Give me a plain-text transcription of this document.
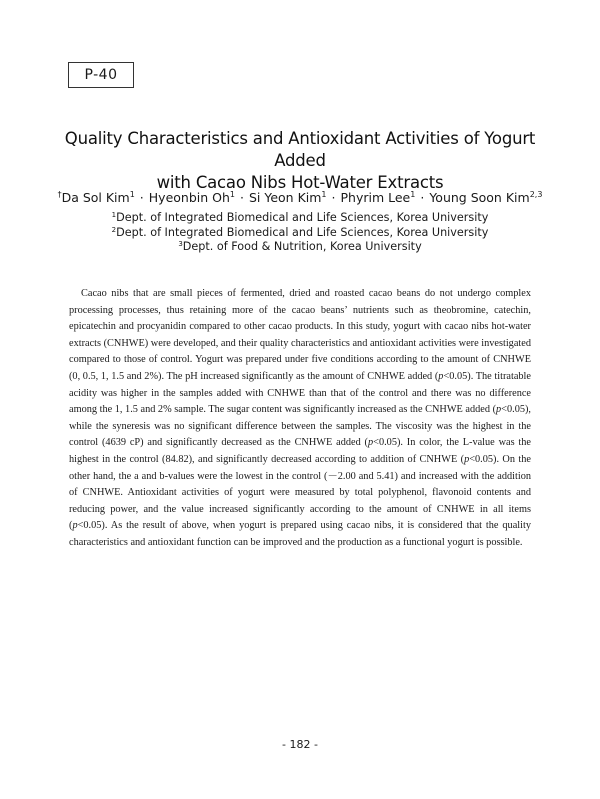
P-40
Quality Characteristics and Antioxidant Activities of Yogurt Added
with Cacao Nibs Hot-Water Extracts
†Da Sol Kim$^1$ · Hyeonbin $Oh^1 \cdot Si$ Yeon Kim$^1$ · Phyrim Lee$^1$ · Young Soon Kim$^{2,3}$
$^1$Dept. of Integrated Biomedical and Life Sciences, Korea University
$^2$Dept. of Integrated Biomedical and Life Sciences, Korea University
$^3$Dept. of Food & Nutrition, Korea University

Cacao nibs that are small pieces of fermented, dried and roasted cacao beans do not undergo complex processing processes, thus retaining more of the cacao beans’ nutrients such as theobromine, catechin, epicatechin and procyanidin compared to other cacao products. In this study, yogurt with cacao nibs hot-water extracts (CNHWE) were developed, and their quality characteristics and antioxidant activities were investigated compared to those of control. Yogurt was prepared under five conditions according to the amount of CNHWE (0, 0.5, 1, 1.5 and 2%). The pH increased significantly as the amount of CNHWE added (p<0.05). The titratable acidity was higher in the samples added with CNHWE than that of the control and there was no difference among the 1, 1.5 and 2% sample. The sugar content was significantly increased as the CNHWE added (p<0.05), while the syneresis was no significant difference between the samples. The viscosity was the highest in the control (4639 cP) and significantly decreased as the CNHWE added (p<0.05). In color, the L-value was the highest in the control (84.82), and significantly decreased according to addition of CNHWE (p<0.05). On the other hand, the a and b-values were the lowest in the control (－2.00 and 5.41) and increased with the addition of CNHWE. Antioxidant activities of yogurt were measured by total polyphenol, flavonoid contents and reducing power, and the value increased significantly according to the amount of CNHWE in all items (p<0.05). As the result of above, when yogurt is prepared using cacao nibs, it is considered that the quality characteristics and antioxidant function can be improved and the production as a functional yogurt is possible.

- 182 -
